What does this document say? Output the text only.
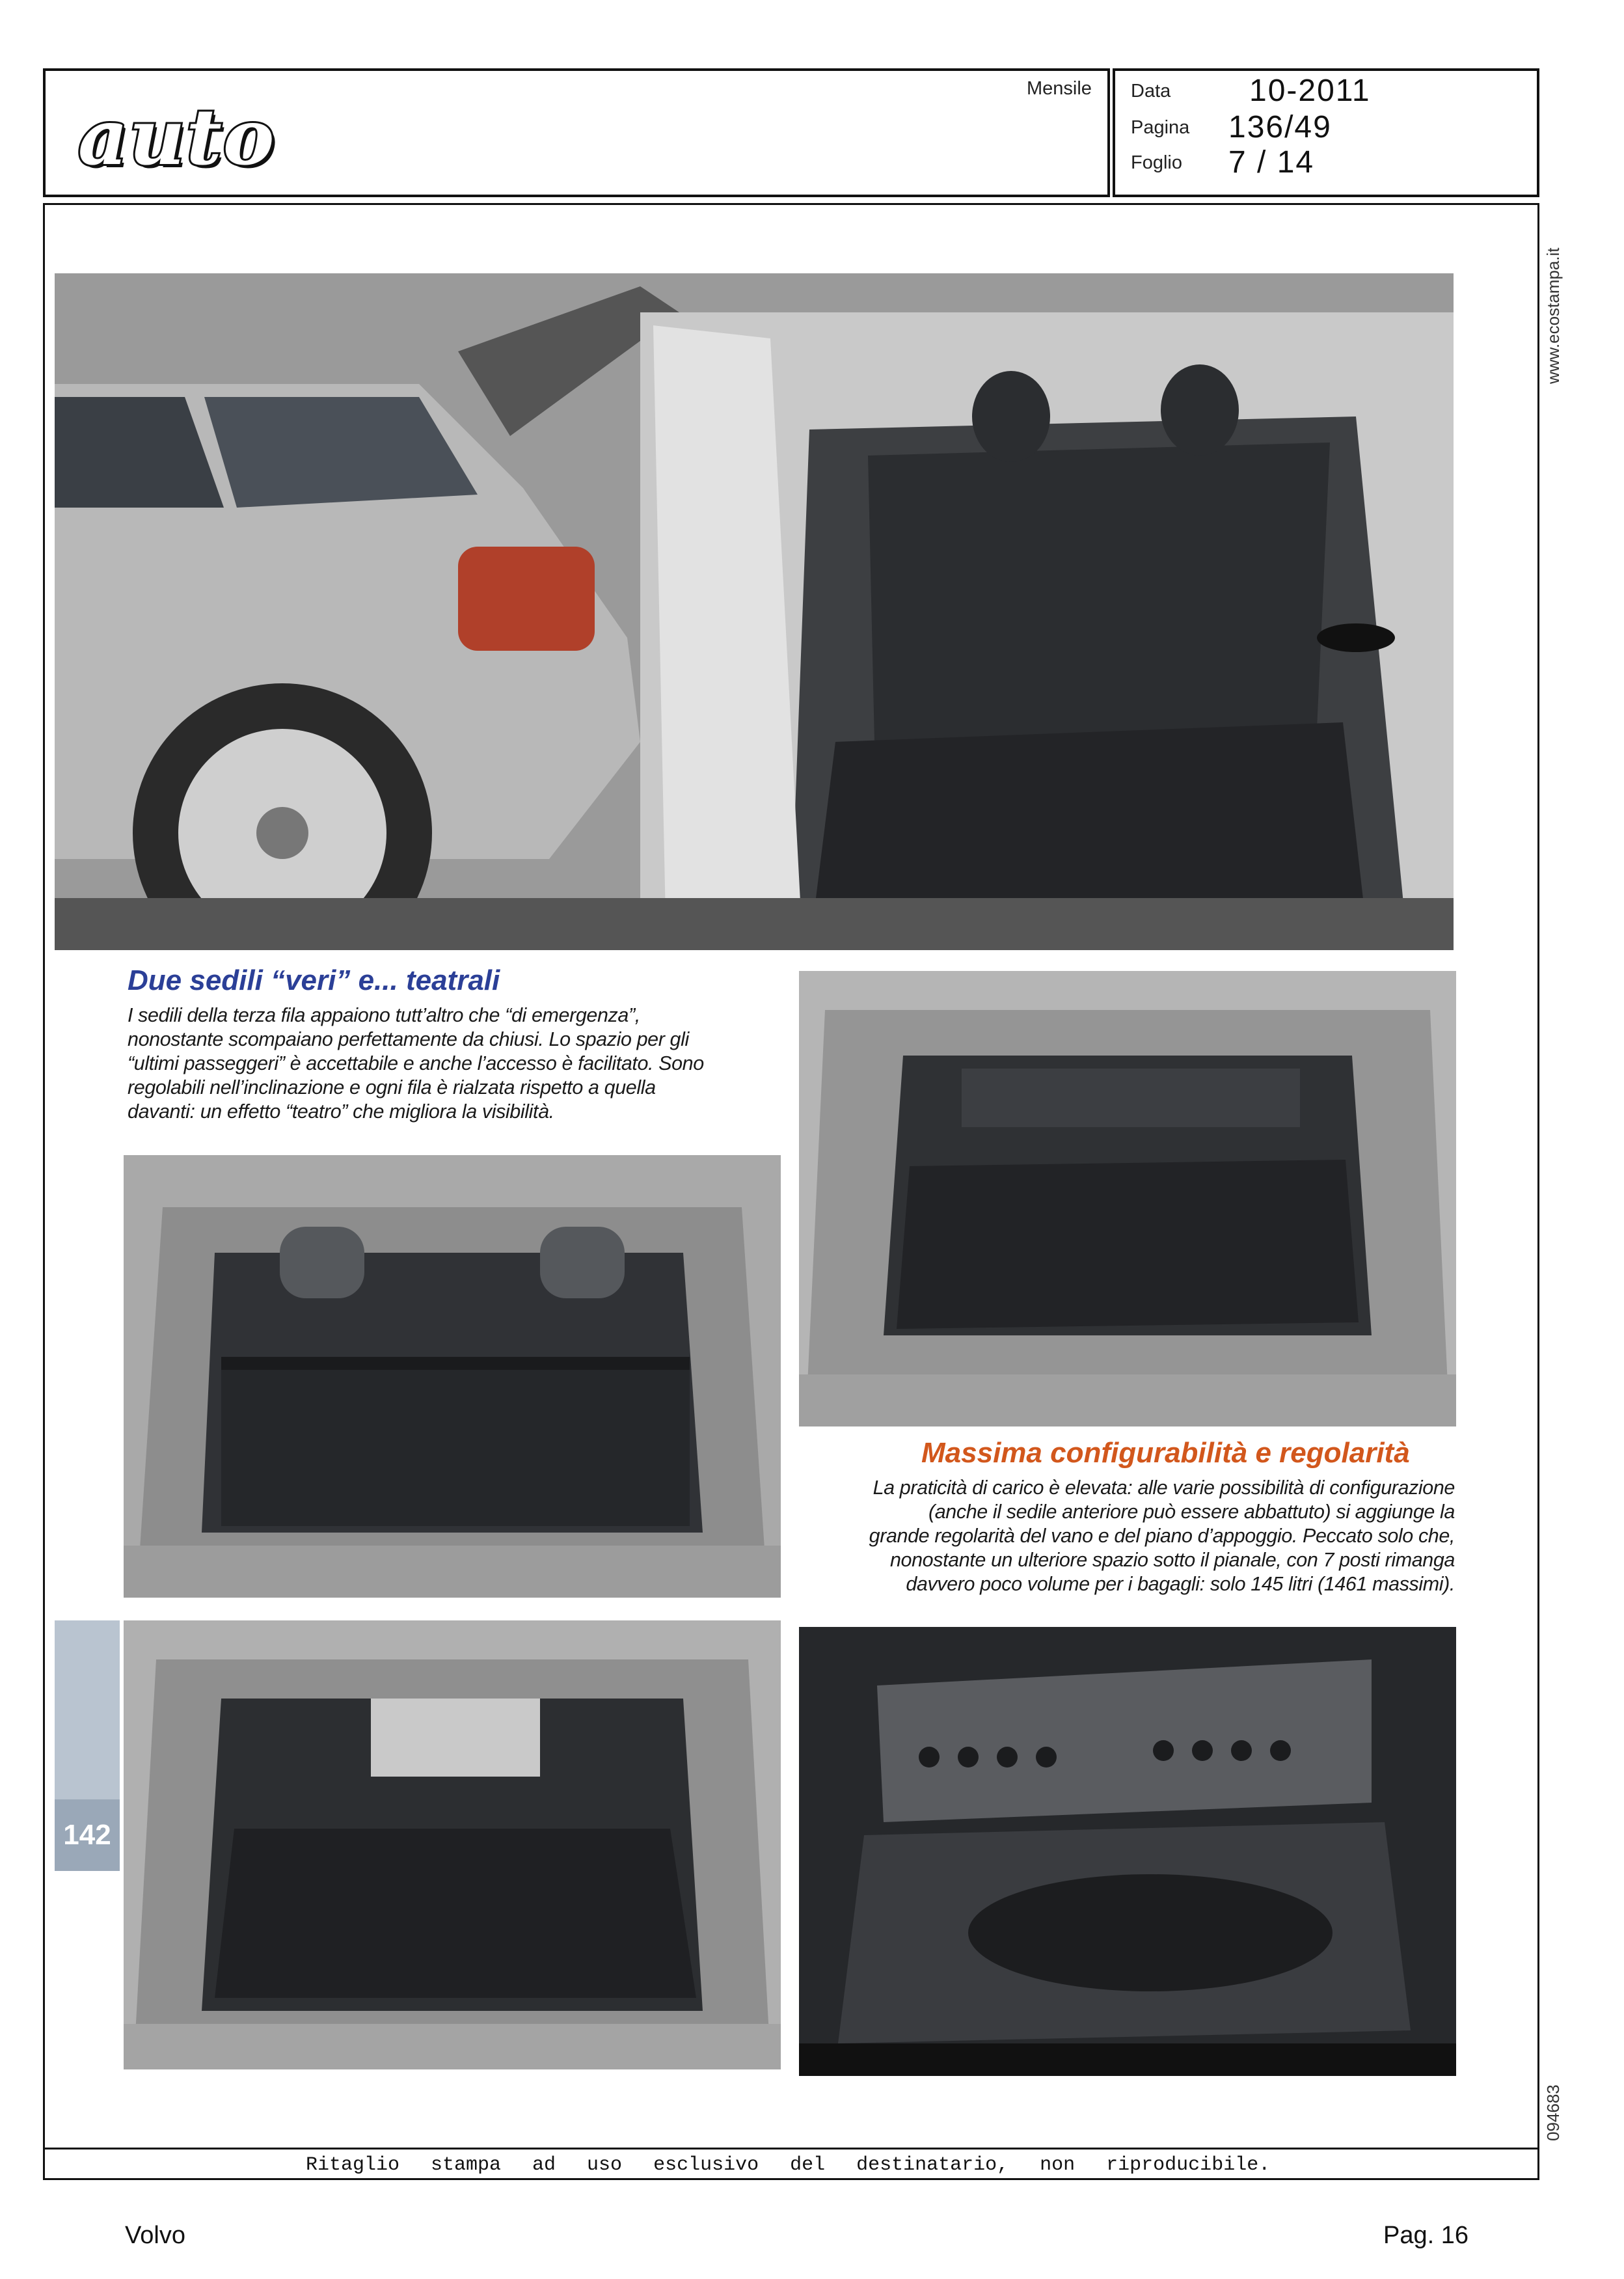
auto
Mensile Data	10-2011
Pagina 136/49
Foglio 7 / 14
www.ecostampa.it
094683
Due sedili “veri” e... teatrali
I sedili della terza fila appaiono tutt’altro che “di emergenza”,
nonostante scompaiano perfettamente da chiusi. Lo spazio per gli
“ultimi passeggeri” è accettabile e anche l’accesso è facilitato. Sono
regolabili nell’inclinazione e ogni fila è rialzata rispetto a quella
davanti: un effetto “teatro” che migliora la visibilità.
Massima configurabilità e regolarità
La praticità di carico è elevata: alle varie possibilità di configurazione
(anche il sedile anteriore può essere abbattuto) si aggiunge la
grande regolarità del vano e del piano d’appoggio. Peccato solo che,
nonostante un ulteriore spazio sotto il pianale, con 7 posti rimanga
davvero poco volume per i bagagli: solo 145 litri (1461 massimi).
142
Ritaglio stampa ad uso esclusivo del destinatario, non riproducibile.
Volvo	Pag. 16
